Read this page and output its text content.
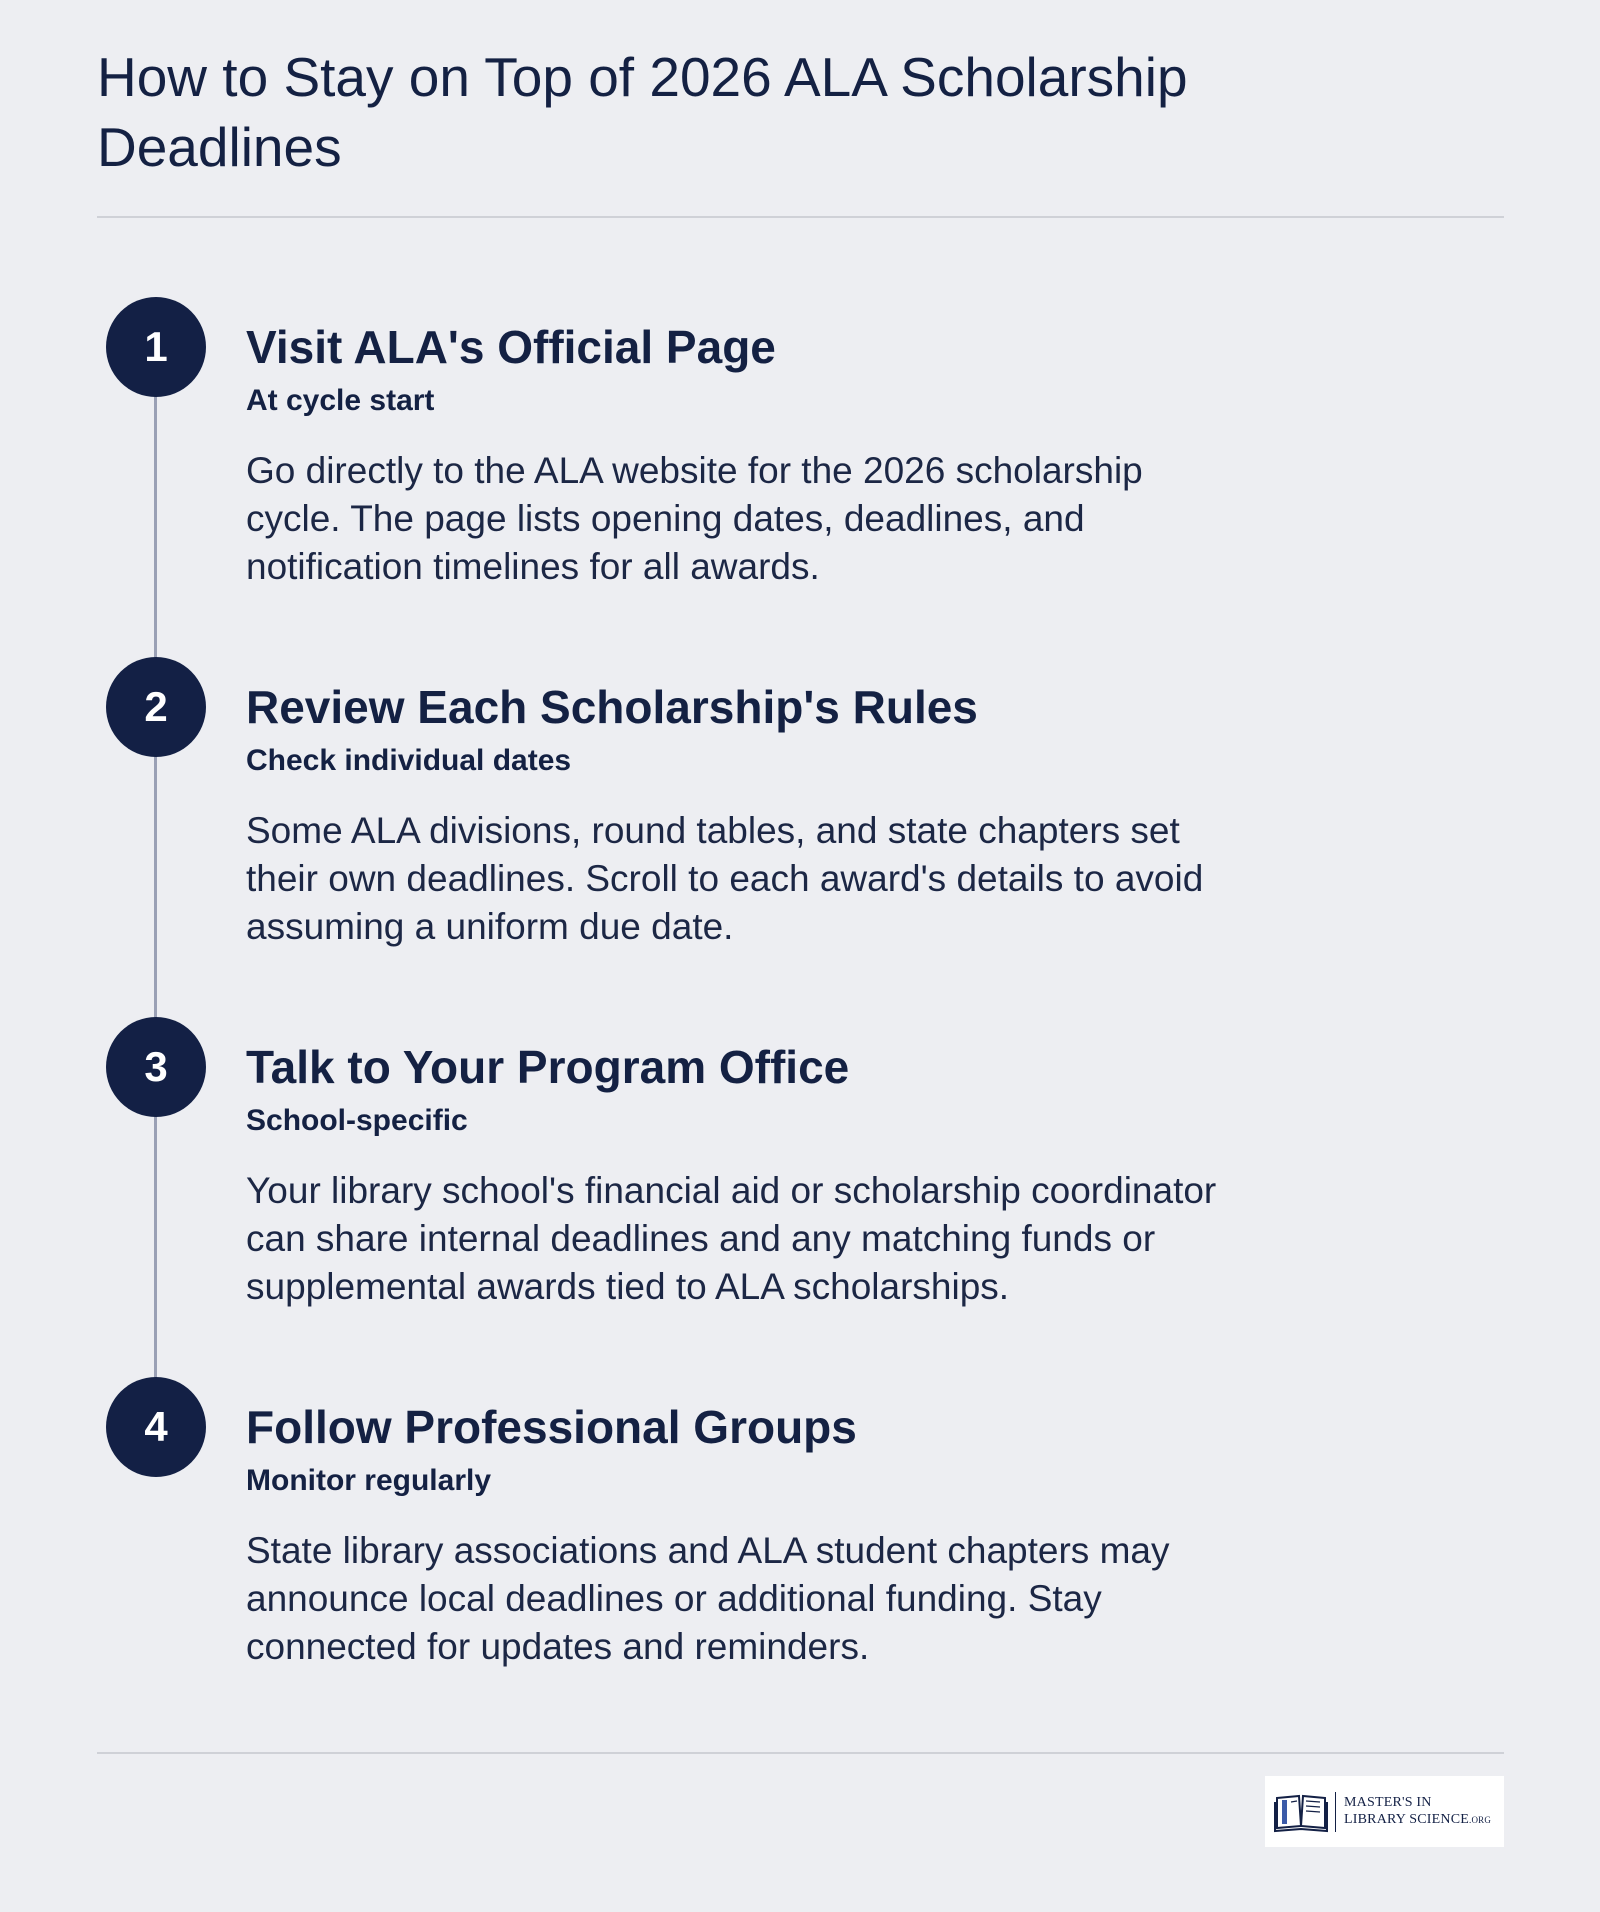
How to Stay on Top of 2026 ALA Scholarship Deadlines
1	Visit ALA's Official Page
At cycle start

Go directly to the ALA website for the 2026 scholarship cycle. The page lists opening dates, deadlines, and notification timelines for all awards.

2	Review Each Scholarship's Rules
Check individual dates

Some ALA divisions, round tables, and state chapters set their own deadlines. Scroll to each award's details to avoid assuming a uniform due date.

3	Talk to Your Program Office
School-specific

Your library school's financial aid or scholarship coordinator can share internal deadlines and any matching funds or supplemental awards tied to ALA scholarships.

4	Follow Professional Groups
Monitor regularly

State library associations and ALA student chapters may announce local deadlines or additional funding. Stay connected for updates and reminders.

MASTER'S IN
LIBRARY SCIENCE.ORG
